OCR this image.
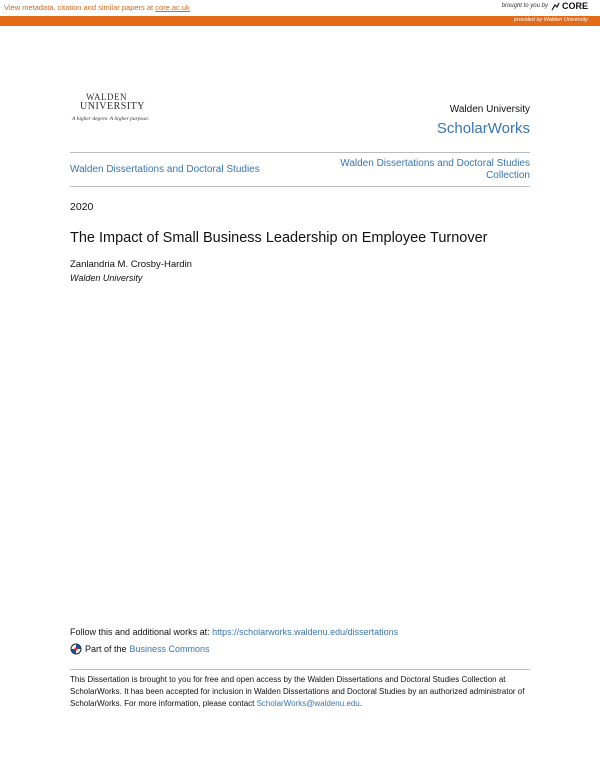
View metadata, citation and similar papers at core.ac.uk	brought to you by CORE
provided by Walden University
WALDEN
UNIVERSITY
A higher degree. A higher purpose.
Walden University
ScholarWorks
Walden Dissertations and Doctoral Studies
Walden Dissertations and Doctoral Studies Collection
2020
The Impact of Small Business Leadership on Employee Turnover
Zanlandria M. Crosby-Hardin
Walden University
Follow this and additional works at: https://scholarworks.waldenu.edu/dissertations
Part of the Business Commons
This Dissertation is brought to you for free and open access by the Walden Dissertations and Doctoral Studies Collection at ScholarWorks. It has been accepted for inclusion in Walden Dissertations and Doctoral Studies by an authorized administrator of ScholarWorks. For more information, please contact ScholarWorks@waldenu.edu.
